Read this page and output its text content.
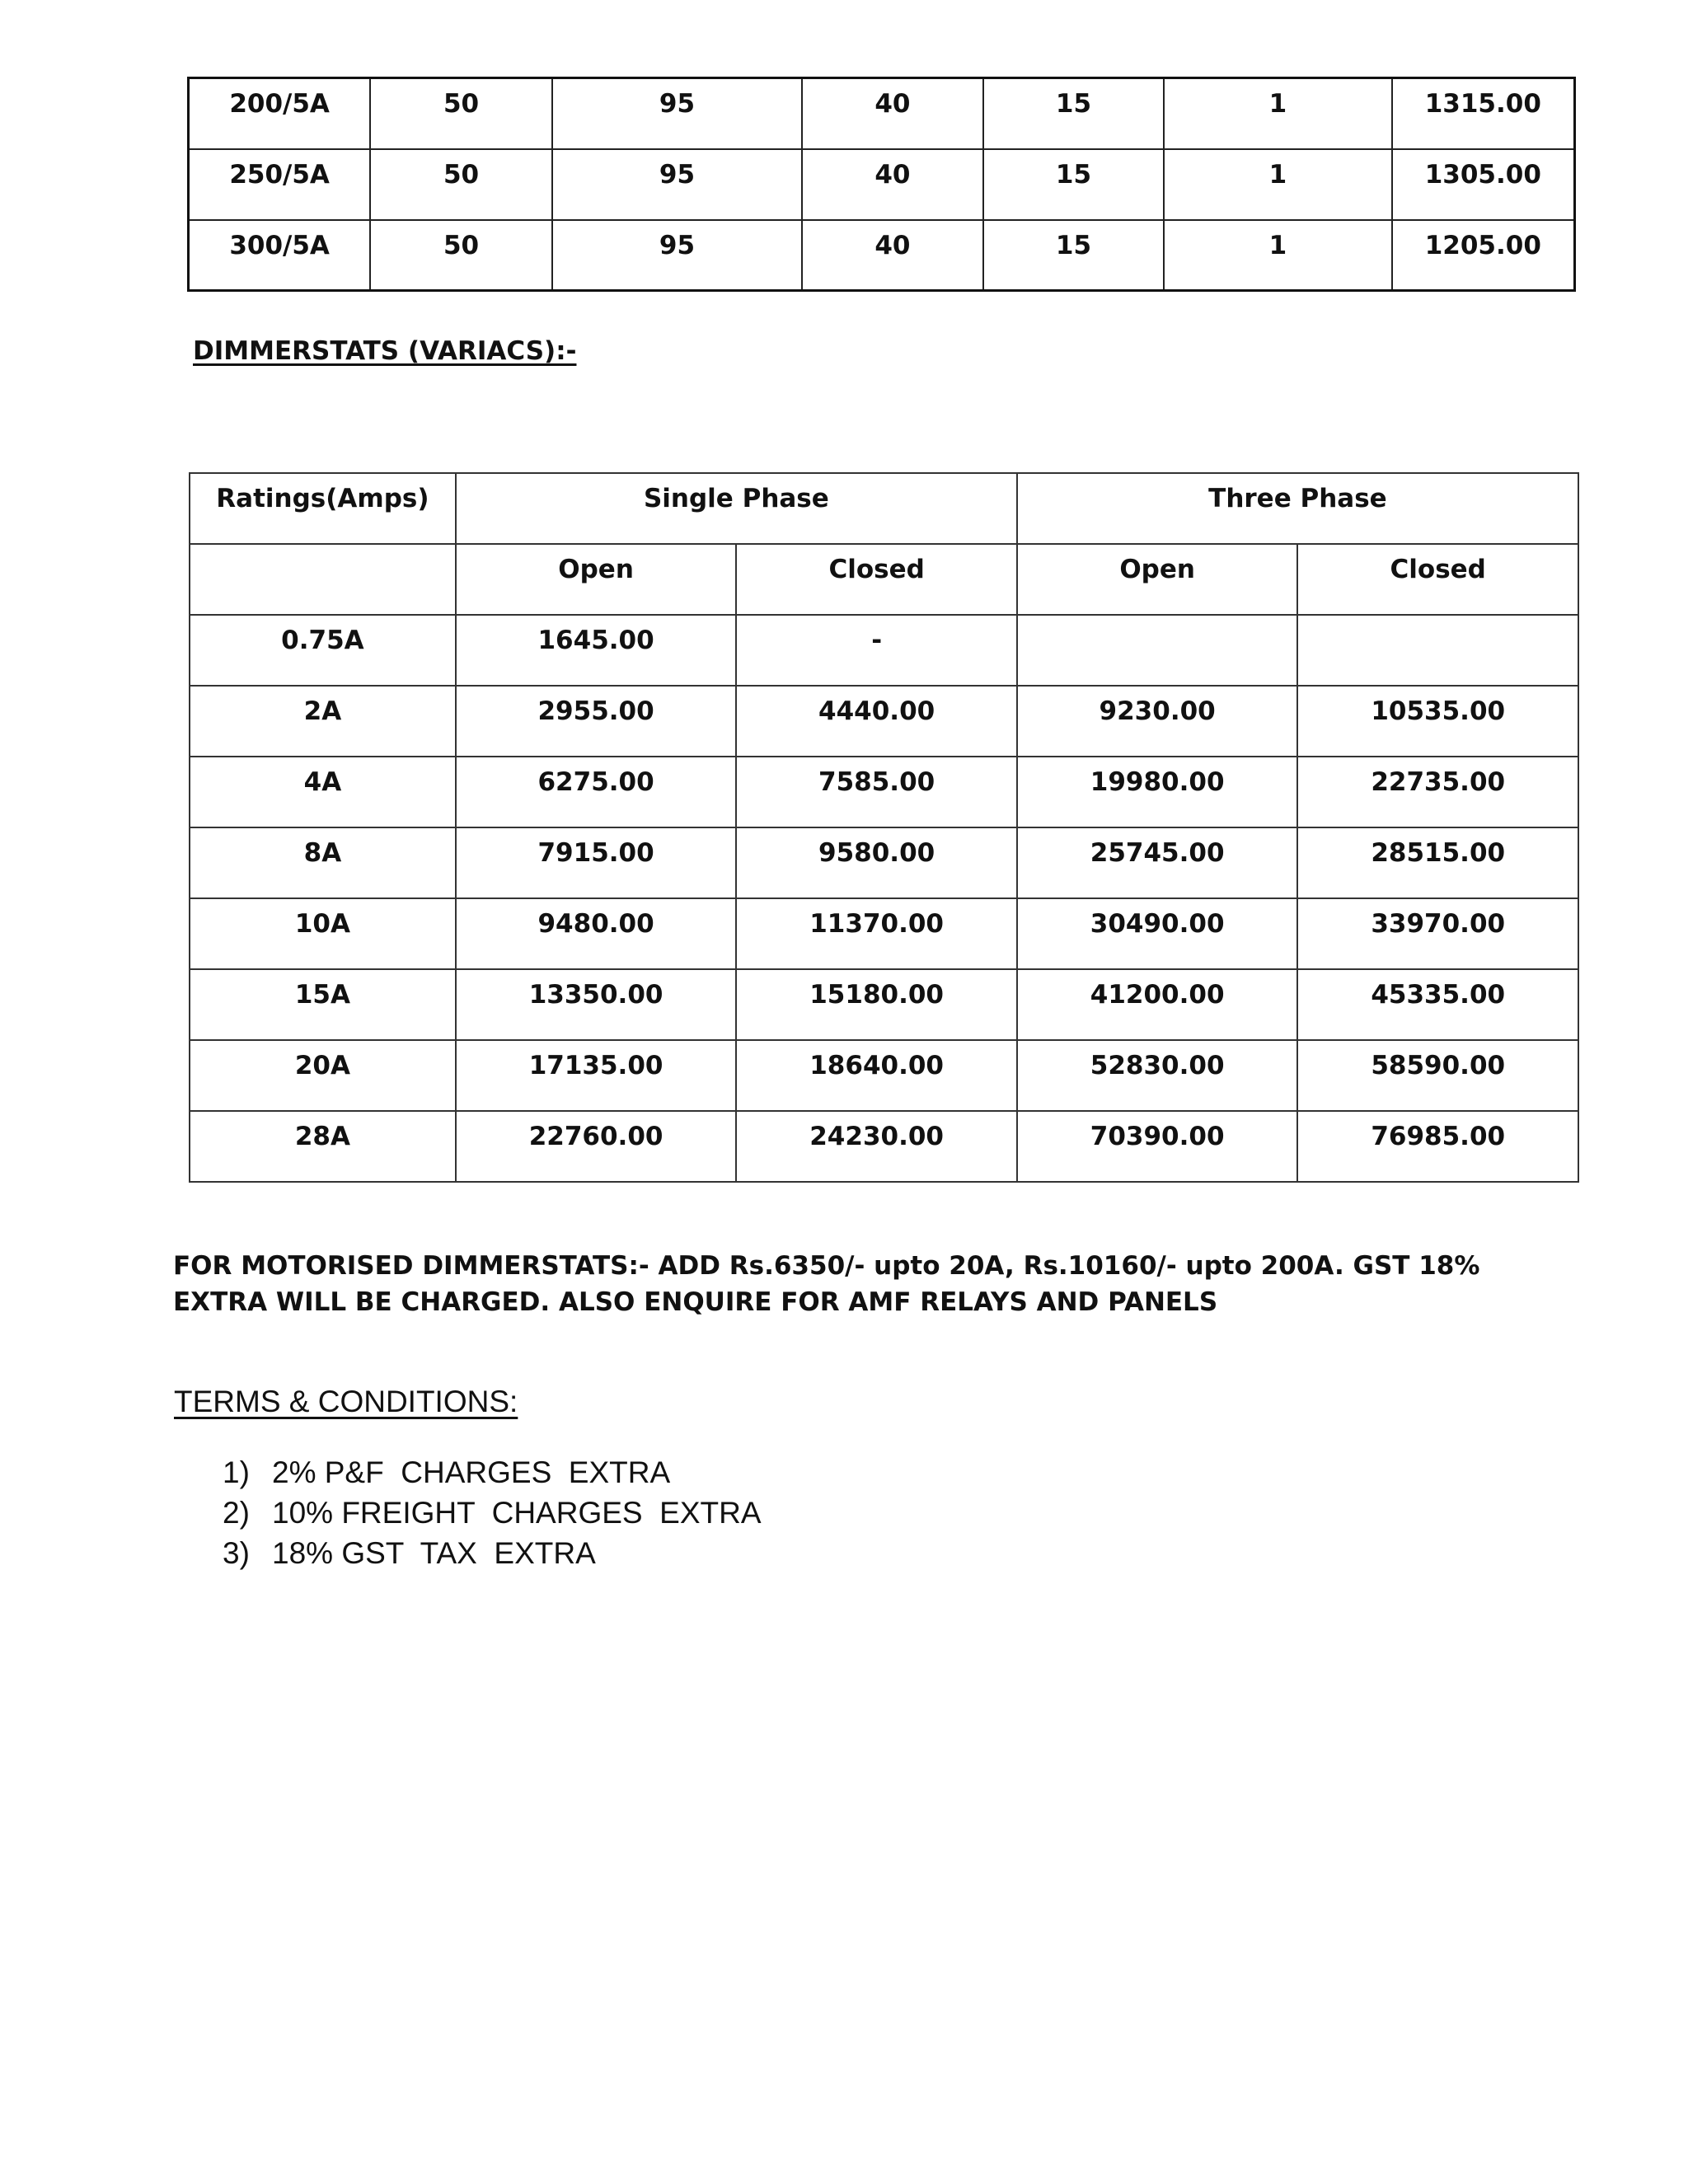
200/5A	50	95	40	15	1	1315.00
250/5A	50	95	40	15	1	1305.00
300/5A	50	95	40	15	1	1205.00
DIMMERSTATS (VARIACS):-
Ratings(Amps)	Single Phase		Three Phase	
	Open	Closed	Open	Closed
0.75A	1645.00	-		
2A	2955.00	4440.00	9230.00	10535.00
4A	6275.00	7585.00	19980.00	22735.00
8A	7915.00	9580.00	25745.00	28515.00
10A	9480.00	11370.00	30490.00	33970.00
15A	13350.00	15180.00	41200.00	45335.00
20A	17135.00	18640.00	52830.00	58590.00
28A	22760.00	24230.00	70390.00	76985.00
FOR MOTORISED DIMMERSTATS:- ADD Rs.6350/- upto 20A, Rs.10160/- upto 200A. GST 18% EXTRA WILL BE CHARGED. ALSO ENQUIRE FOR AMF RELAYS AND PANELS
TERMS & CONDITIONS:
1) 2% P&F  CHARGES  EXTRA
2) 10% FREIGHT  CHARGES  EXTRA
3) 18% GST  TAX  EXTRA
